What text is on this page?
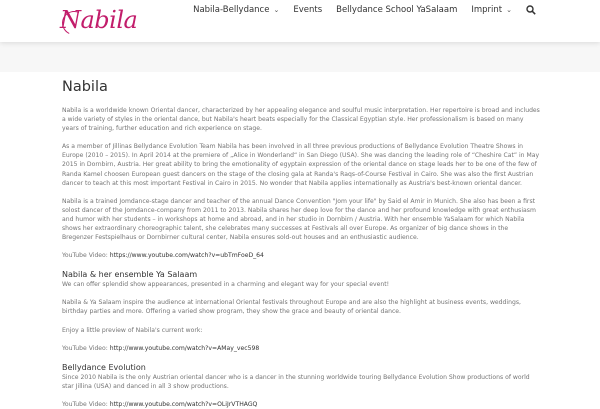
Nabila	Nabila-Bellydance ⌄ Events Bellydance School YaSalaam Imprint ⌄
Nabila

Nabila is a worldwide known Oriental dancer, characterized by her appealing elegance and soulful music interpretation. Her repertoire is broad and includes a wide variety of styles in the oriental dance, but Nabila's heart beats especially for the Classical Egyptian style. Her professionalism is based on many years of training, further education and rich experience on stage.

As a member of Jillinas Bellydance Evolution Team Nabila has been involved in all three previous productions of Bellydance Evolution Theatre Shows in Europe (2010 – 2015). In April 2014 at the premiere of „Alice in Wonderland“ in San Diego (USA). She was dancing the leading role of “Cheshire Cat” in May 2015 in Dornbirn, Austria. Her great ability to bring the emotionality of egyptain expression of the oriental dance on stage leads her to be one of the few of Randa Kamel choosen European guest dancers on the stage of the closing gala at Randa's Raqs-of-Course Festival in Cairo. She was also the first Austrian dancer to teach at this most important Festival in Cairo in 2015. No wonder that Nabila applies internationally as Austria's best-known oriental dancer.

Nabila is a trained Jomdance-stage dancer and teacher of the annual Dance Convention "Jom your life" by Said el Amir in Munich. She also has been a first solost dancer of the Jomdance-company from 2011 to 2013. Nabila shares her deep love for the dance and her profound knowledge with great enthusiasm and humor with her students – in workshops at home and abroad, and in her studio in Dornbirn / Austria. With her ensemble YaSalaam for which Nabila shows her extraordinary choreographic talent, she celebrates many successes at Festivals all over Europe. As organizer of big dance shows in the Bregenzer Festspielhaus or Dornbirner cultural center, Nabila ensures sold-out houses and an enthusiastic audience.

YouTube Video: https://www.youtube.com/watch?v=ubTmFoeD_64
Nabila & her ensemble Ya Salaam

We can offer splendid show appearances, presented in a charming and elegant way for your special event!

Nabila & Ya Salaam inspire the audience at international Oriental festivals throughout Europe and are also the highlight at business events, weddings, birthday parties and more. Offering a varied show program, they show the grace and beauty of oriental dance.

Enjoy a little preview of Nabila's current work:

YouTube Video: http://www.youtube.com/watch?v=AMay_vec598
Bellydance Evolution

Since 2010 Nabila is the only Austrian oriental dancer who is a dancer in the stunning worldwide touring Bellydance Evolution Show productions of world star Jillina (USA) and danced in all 3 show productions.

YouTube Video: http://www.youtube.com/watch?v=OLiJrVTHAGQ
